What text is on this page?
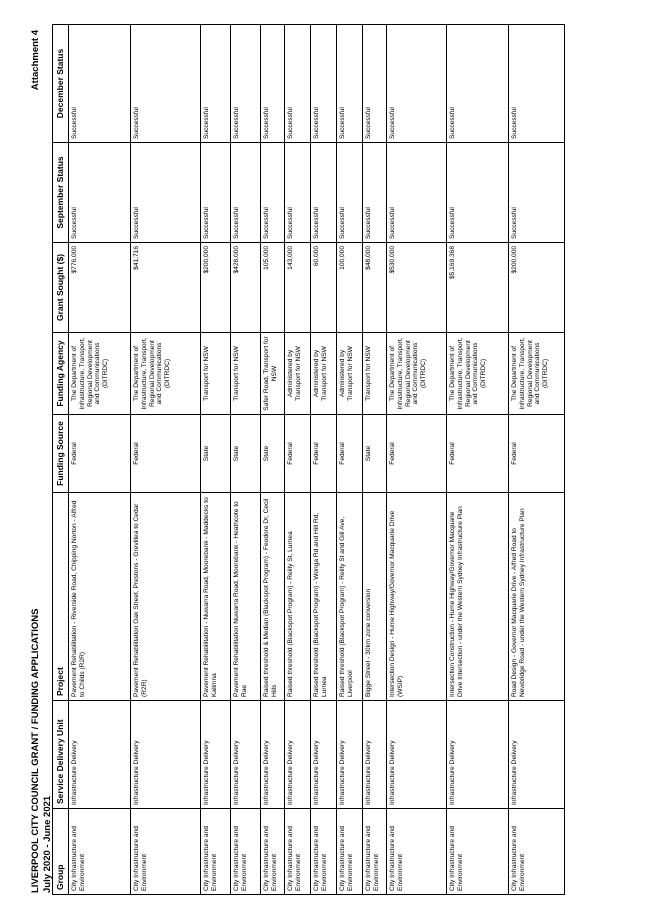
LIVERPOOL CITY COUNCIL GRANT / FUNDING APPLICATIONS July 2020 - June 2021
Attachment 4
Group	Service Delivery Unit	Project	Funding Source	Funding Agency	Grant Sought ($)	September Status	December Status
City Infrastructure and Environment	Infrastructure Delivery	Pavement Rehabilitation - Riverside Road, Chipping Norton - Alfred to Childs (R2R)	Federal	The Department of Infrastructure, Transport, Regional Development and Communications (DITRDC)	$776,000	Successful	Successful
City Infrastructure and Environment	Infrastructure Delivery	Pavement Rehabilitation Oak Street, Prestons - Grevillea to Cedar (R2R)	Federal	The Department of Infrastructure, Transport, Regional Development and Communications (DITRDC)	$41,716	Successful	Successful
City Infrastructure and Environment	Infrastructure Delivery	Pavement Rehabilitation - Nuwarra Road, Moorebank - Maddecks to Kalimna	State	Transport for NSW	$200,000	Successful	Successful
City Infrastructure and Environment	Infrastructure Delivery	Pavement Rehabilitation Nuwarra Road, Moorebank - Heathcote to Rae	State	Transport for NSW	$428,000	Successful	Successful
City Infrastructure and Environment	Infrastructure Delivery	Raised threshold & Median (Blackspot Program) - Feodore Dr, Cecil Hills	State	Safer Road, Transport for NSW	105,000	Successful	Successful
City Infrastructure and Environment	Infrastructure Delivery	Raised threshold (Blackspot Program) - Reilly St, Lurnea	Federal	Administered by Transport for NSW	143,000	Successful	Successful
City Infrastructure and Environment	Infrastructure Delivery	Raised threshold (Blackspot Program) - Wonga Rd and Hill Rd, Lurnea	Federal	Administered by Transport for NSW	60,000	Successful	Successful
City Infrastructure and Environment	Infrastructure Delivery	Raised threshold (Blackspot Program) - Reilly St and Gill Ave, Liverpool	Federal	Administered by Transport for NSW	100,000	Successful	Successful
City Infrastructure and Environment	Infrastructure Delivery	Bigge Street - 30km zone conversion	State	Transport for NSW	$48,000	Successful	Successful
City Infrastructure and Environment	Infrastructure Delivery	Intersection Design - Hume Highway/Governor Macquarie Drive (WSIP)	Federal	The Department of Infrastructure, Transport, Regional Development and Communications (DITRDC)	$530,000	Successful	Successful
City Infrastructure and Environment	Infrastructure Delivery	Intersection Construction - Hume Highway/Governor Macquarie Drive Intersection - under the Western Sydney Infrastructure Plan	Federal	The Department of Infrastructure, Transport, Regional Development and Communications (DITRDC)	$5,169,368	Successful	Successful
City Infrastructure and Environment	Infrastructure Delivery	Road Design - Governor Macquarie Drive - Alfred Road to Newbridge Road - under the Western Sydney Infrastructure Plan	Federal	The Department of Infrastructure, Transport, Regional Development and Communications (DITRDC)	$200,000	Successful	Successful
